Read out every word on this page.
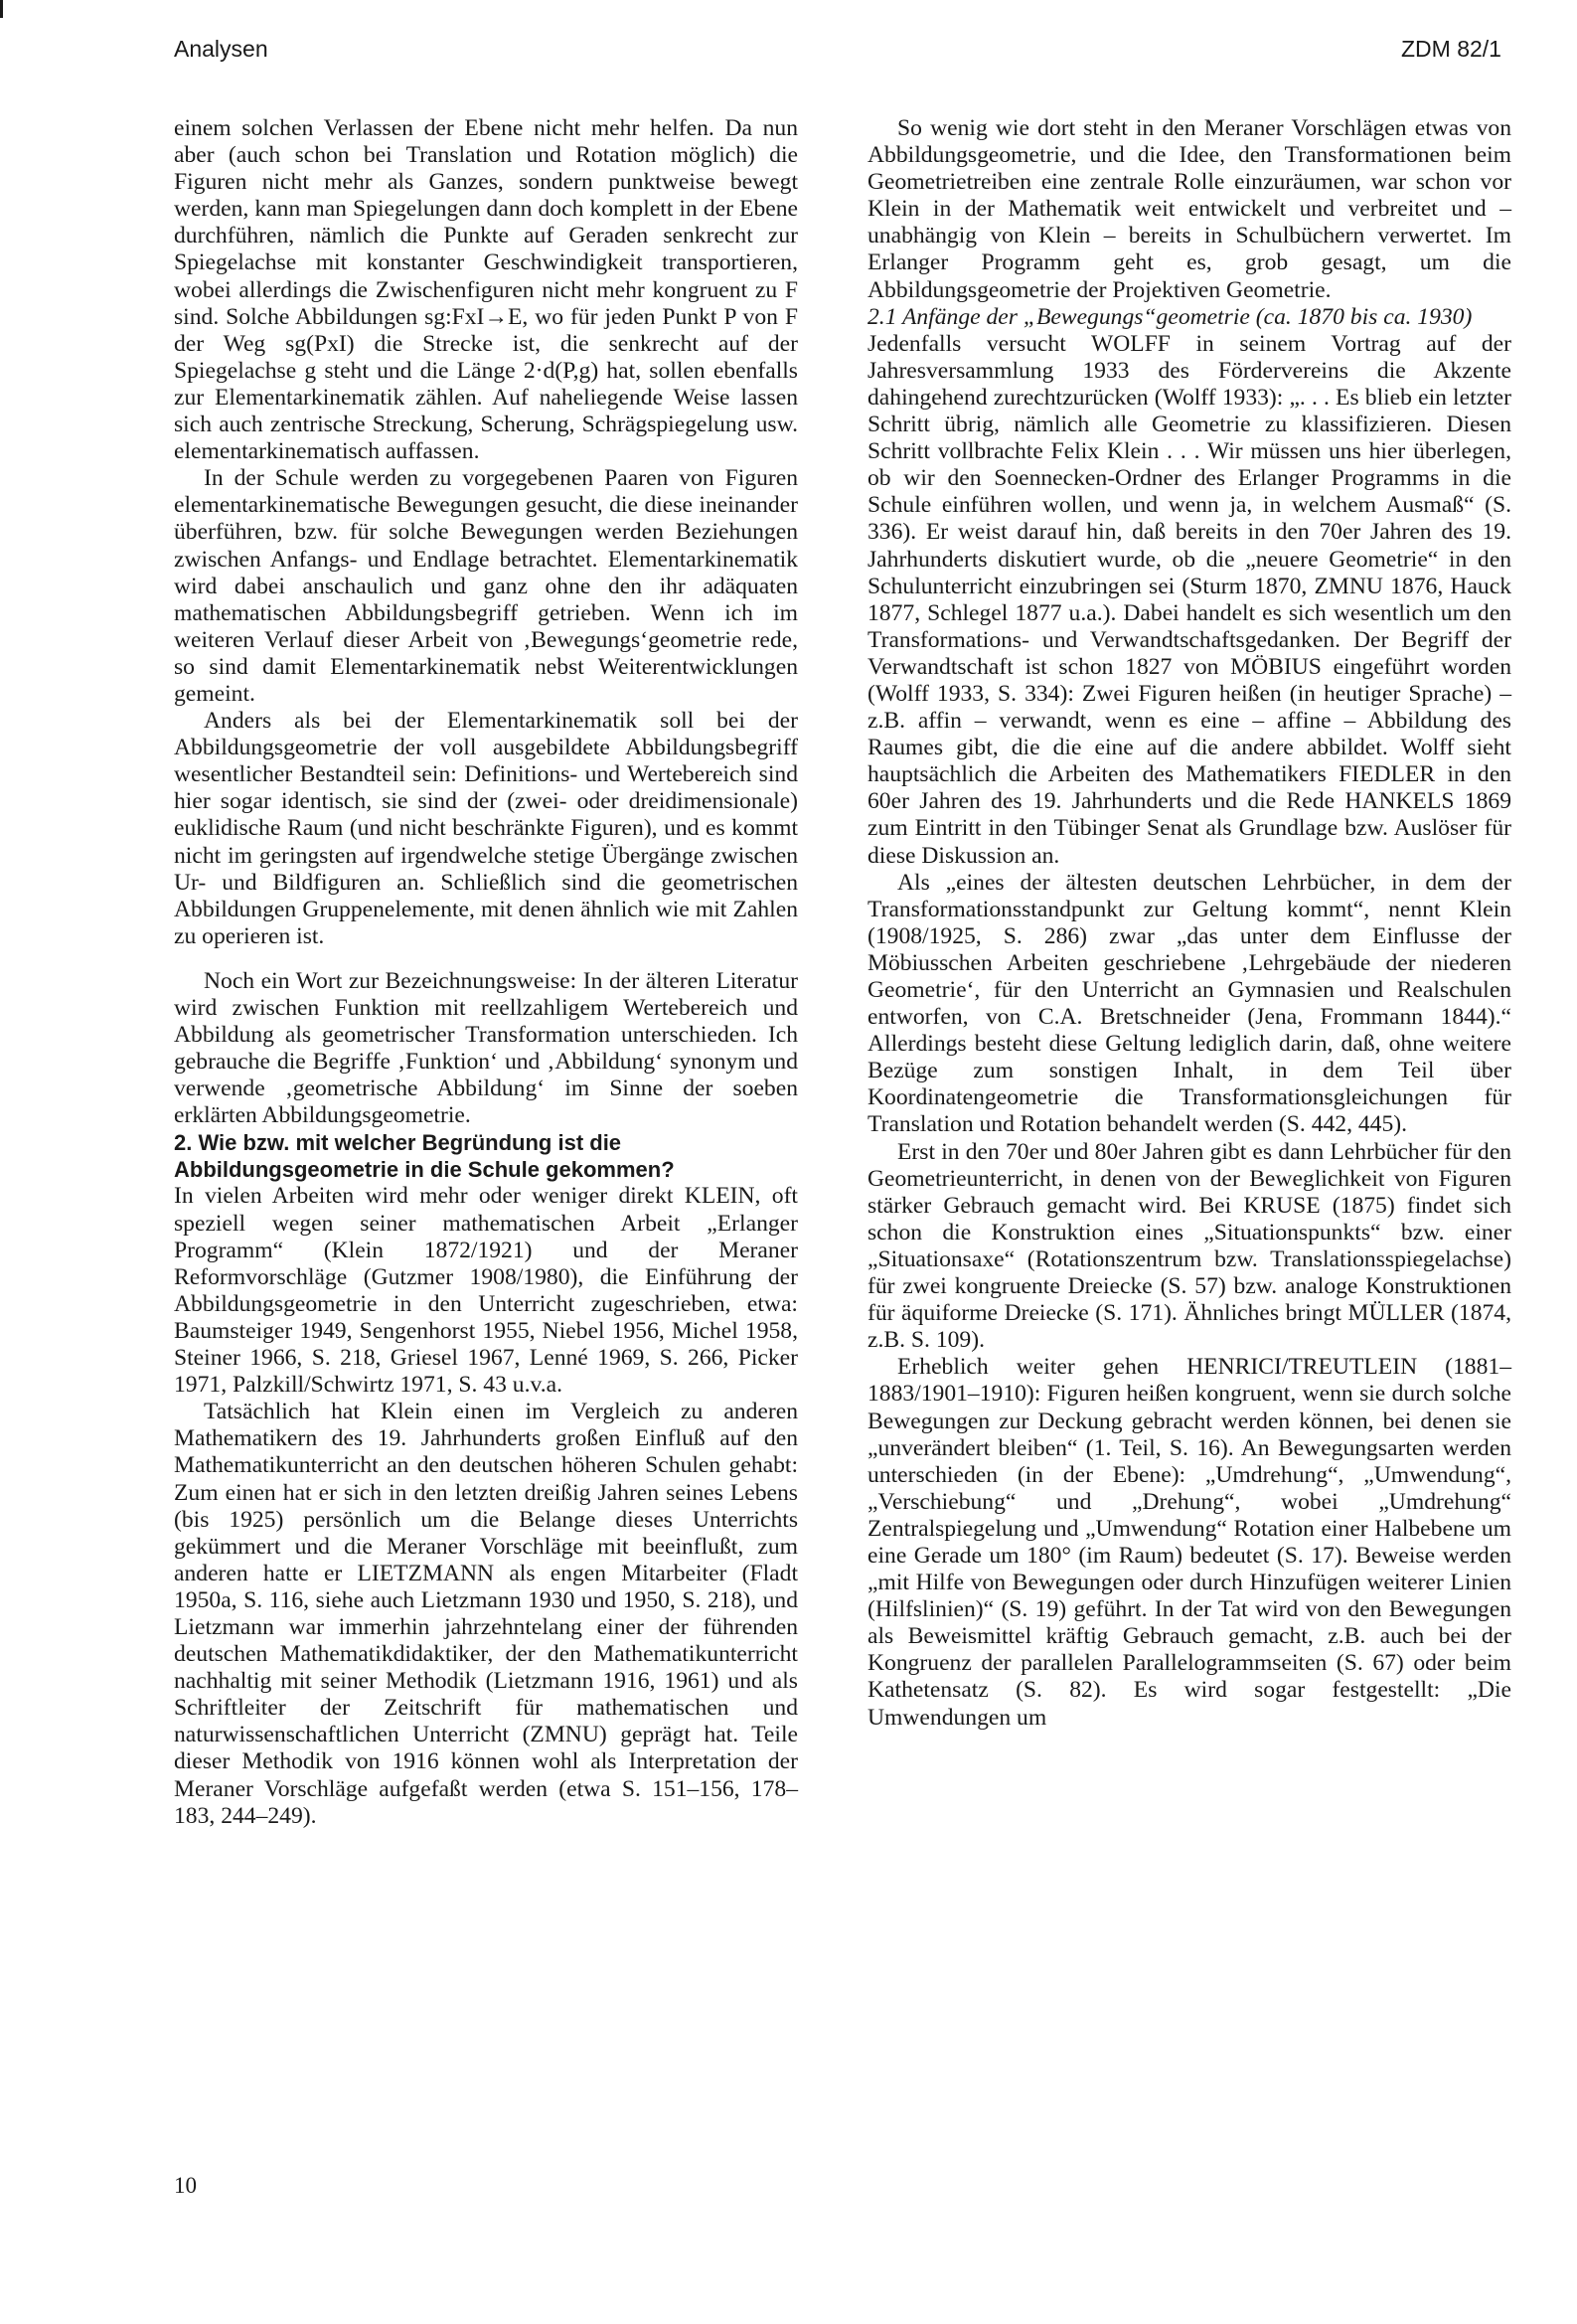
Analysen	ZDM 82/1

einem solchen Verlassen der Ebene nicht mehr helfen. Da nun aber (auch schon bei Translation und Rotation möglich) die Figuren nicht mehr als Ganzes, sondern punktweise bewegt werden, kann man Spiegelungen dann doch komplett in der Ebene durchführen, nämlich die Punkte auf Geraden senkrecht zur Spiegelachse mit konstanter Geschwindigkeit transportieren, wobei allerdings die Zwischenfiguren nicht mehr kongruent zu F sind. Solche Abbildungen sg:FxI→E, wo für jeden Punkt P von F der Weg sg(PxI) die Strecke ist, die senkrecht auf der Spiegelachse g steht und die Länge 2·d(P,g) hat, sollen ebenfalls zur Elementarkinematik zählen. Auf naheliegende Weise lassen sich auch zentrische Streckung, Scherung, Schrägspiegelung usw. elementarkinematisch auffassen.

In der Schule werden zu vorgegebenen Paaren von Figuren elementarkinematische Bewegungen gesucht, die diese ineinander überführen, bzw. für solche Bewegungen werden Beziehungen zwischen Anfangs- und Endlage betrachtet. Elementarkinematik wird dabei anschaulich und ganz ohne den ihr adäquaten mathematischen Abbildungsbegriff getrieben. Wenn ich im weiteren Verlauf dieser Arbeit von ‚Bewegungs‘geometrie rede, so sind damit Elementarkinematik nebst Weiterentwicklungen gemeint.

Anders als bei der Elementarkinematik soll bei der Abbildungsgeometrie der voll ausgebildete Abbildungsbegriff wesentlicher Bestandteil sein: Definitions- und Wertebereich sind hier sogar identisch, sie sind der (zwei- oder dreidimensionale) euklidische Raum (und nicht beschränkte Figuren), und es kommt nicht im geringsten auf irgendwelche stetige Übergänge zwischen Ur- und Bildfiguren an. Schließlich sind die geometrischen Abbildungen Gruppenelemente, mit denen ähnlich wie mit Zahlen zu operieren ist.

Noch ein Wort zur Bezeichnungsweise: In der älteren Literatur wird zwischen Funktion mit reellzahligem Wertebereich und Abbildung als geometrischer Transformation unterschieden. Ich gebrauche die Begriffe ‚Funktion‘ und ‚Abbildung‘ synonym und verwende ‚geometrische Abbildung‘ im Sinne der soeben erklärten Abbildungsgeometrie.

2. Wie bzw. mit welcher Begründung ist die Abbildungsgeometrie in die Schule gekommen?

In vielen Arbeiten wird mehr oder weniger direkt KLEIN, oft speziell wegen seiner mathematischen Arbeit „Erlanger Programm“ (Klein 1872/1921) und der Meraner Reformvorschläge (Gutzmer 1908/1980), die Einführung der Abbildungsgeometrie in den Unterricht zugeschrieben, etwa: Baumsteiger 1949, Sengenhorst 1955, Niebel 1956, Michel 1958, Steiner 1966, S. 218, Griesel 1967, Lenné 1969, S. 266, Picker 1971, Palzkill/Schwirtz 1971, S. 43 u.v.a.

Tatsächlich hat Klein einen im Vergleich zu anderen Mathematikern des 19. Jahrhunderts großen Einfluß auf den Mathematikunterricht an den deutschen höheren Schulen gehabt: Zum einen hat er sich in den letzten dreißig Jahren seines Lebens (bis 1925) persönlich um die Belange dieses Unterrichts gekümmert und die Meraner Vorschläge mit beeinflußt, zum anderen hatte er LIETZMANN als engen Mitarbeiter (Fladt 1950a, S. 116, siehe auch Lietzmann 1930 und 1950, S. 218), und Lietzmann war immerhin jahrzehntelang einer der führenden deutschen Mathematikdidaktiker, der den Mathematikunterricht nachhaltig mit seiner Methodik (Lietzmann 1916, 1961) und als Schriftleiter der Zeitschrift für mathematischen und naturwissenschaftlichen Unterricht (ZMNU) geprägt hat. Teile dieser Methodik von 1916 können wohl als Interpretation der Meraner Vorschläge aufgefaßt werden (etwa S. 151–156, 178–183, 244–249).

So wenig wie dort steht in den Meraner Vorschlägen etwas von Abbildungsgeometrie, und die Idee, den Transformationen beim Geometrietreiben eine zentrale Rolle einzuräumen, war schon vor Klein in der Mathematik weit entwickelt und verbreitet und – unabhängig von Klein – bereits in Schulbüchern verwertet. Im Erlanger Programm geht es, grob gesagt, um die Abbildungsgeometrie der Projektiven Geometrie.

2.1 Anfänge der „Bewegungs“geometrie (ca. 1870 bis ca. 1930)

Jedenfalls versucht WOLFF in seinem Vortrag auf der Jahresversammlung 1933 des Fördervereins die Akzente dahingehend zurechtzurücken (Wolff 1933): „. . . Es blieb ein letzter Schritt übrig, nämlich alle Geometrie zu klassifizieren. Diesen Schritt vollbrachte Felix Klein . . . Wir müssen uns hier überlegen, ob wir den Soennecken-Ordner des Erlanger Programms in die Schule einführen wollen, und wenn ja, in welchem Ausmaß“ (S. 336). Er weist darauf hin, daß bereits in den 70er Jahren des 19. Jahrhunderts diskutiert wurde, ob die „neuere Geometrie“ in den Schulunterricht einzubringen sei (Sturm 1870, ZMNU 1876, Hauck 1877, Schlegel 1877 u.a.). Dabei handelt es sich wesentlich um den Transformations- und Verwandtschaftsgedanken. Der Begriff der Verwandtschaft ist schon 1827 von MÖBIUS eingeführt worden (Wolff 1933, S. 334): Zwei Figuren heißen (in heutiger Sprache) – z.B. affin – verwandt, wenn es eine – affine – Abbildung des Raumes gibt, die die eine auf die andere abbildet. Wolff sieht hauptsächlich die Arbeiten des Mathematikers FIEDLER in den 60er Jahren des 19. Jahrhunderts und die Rede HANKELS 1869 zum Eintritt in den Tübinger Senat als Grundlage bzw. Auslöser für diese Diskussion an.

Als „eines der ältesten deutschen Lehrbücher, in dem der Transformationsstandpunkt zur Geltung kommt“, nennt Klein (1908/1925, S. 286) zwar „das unter dem Einflusse der Möbiusschen Arbeiten geschriebene ‚Lehrgebäude der niederen Geometrie‘, für den Unterricht an Gymnasien und Realschulen entworfen, von C.A. Bretschneider (Jena, Frommann 1844).“ Allerdings besteht diese Geltung lediglich darin, daß, ohne weitere Bezüge zum sonstigen Inhalt, in dem Teil über Koordinatengeometrie die Transformationsgleichungen für Translation und Rotation behandelt werden (S. 442, 445).

Erst in den 70er und 80er Jahren gibt es dann Lehrbücher für den Geometrieunterricht, in denen von der Beweglichkeit von Figuren stärker Gebrauch gemacht wird. Bei KRUSE (1875) findet sich schon die Konstruktion eines „Situationspunkts“ bzw. einer „Situationsaxe“ (Rotationszentrum bzw. Translationsspiegelachse) für zwei kongruente Dreiecke (S. 57) bzw. analoge Konstruktionen für äquiforme Dreiecke (S. 171). Ähnliches bringt MÜLLER (1874, z.B. S. 109).

Erheblich weiter gehen HENRICI/TREUTLEIN (1881–1883/1901–1910): Figuren heißen kongruent, wenn sie durch solche Bewegungen zur Deckung gebracht werden können, bei denen sie „unverändert bleiben“ (1. Teil, S. 16). An Bewegungsarten werden unterschieden (in der Ebene): „Umdrehung“, „Umwendung“, „Verschiebung“ und „Drehung“, wobei „Umdrehung“ Zentralspiegelung und „Umwendung“ Rotation einer Halbebene um eine Gerade um 180° (im Raum) bedeutet (S. 17). Beweise werden „mit Hilfe von Bewegungen oder durch Hinzufügen weiterer Linien (Hilfslinien)“ (S. 19) geführt. In der Tat wird von den Bewegungen als Beweismittel kräftig Gebrauch gemacht, z.B. auch bei der Kongruenz der parallelen Parallelogrammseiten (S. 67) oder beim Kathetensatz (S. 82). Es wird sogar festgestellt: „Die Umwendungen um

10
